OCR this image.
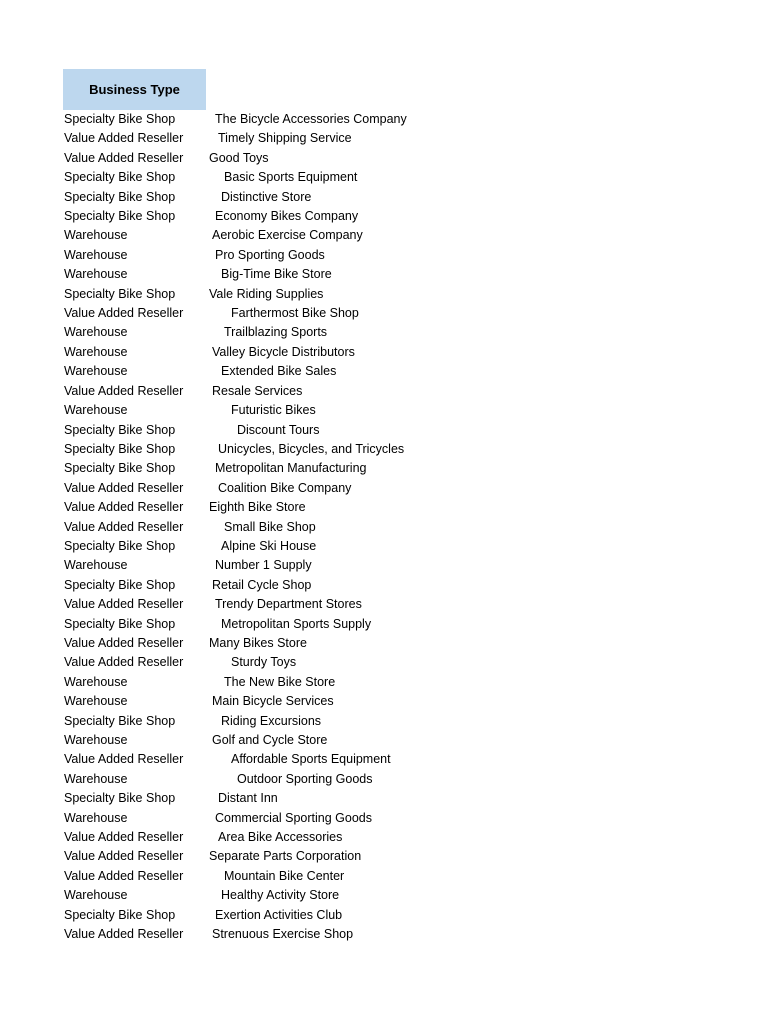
Business Type
Specialty Bike Shop	The Bicycle Accessories Company
Value Added Reseller	Timely Shipping Service
Value Added Reseller Good Toys
Specialty Bike Shop	Basic Sports Equipment
Specialty Bike Shop	Distinctive Store
Specialty Bike Shop	Economy Bikes Company
Warehouse	Aerobic Exercise Company
Warehouse	Pro Sporting Goods
Warehouse	Big-Time Bike Store
Specialty Bike Shop	Vale Riding Supplies
Value Added Reseller	Farthermost Bike Shop
Warehouse	Trailblazing Sports
Warehouse	Valley Bicycle Distributors
Warehouse	Extended Bike Sales
Value Added Reseller Resale Services
Warehouse	Futuristic Bikes
Specialty Bike Shop	Discount Tours
Specialty Bike Shop	Unicycles, Bicycles, and Tricycles
Specialty Bike Shop	Metropolitan Manufacturing
Value Added Reseller	Coalition Bike Company
Value Added Reseller Eighth Bike Store
Value Added Reseller	Small Bike Shop
Specialty Bike Shop	Alpine Ski House
Warehouse	Number 1 Supply
Specialty Bike Shop	Retail Cycle Shop
Value Added Reseller	Trendy Department Stores
Specialty Bike Shop	Metropolitan Sports Supply
Value Added Reseller Many Bikes Store
Value Added Reseller	Sturdy Toys
Warehouse	The New Bike Store
Warehouse	Main Bicycle Services
Specialty Bike Shop	Riding Excursions
Warehouse	Golf and Cycle Store
Value Added Reseller	Affordable Sports Equipment
Warehouse	Outdoor Sporting Goods
Specialty Bike Shop	Distant Inn
Warehouse	Commercial Sporting Goods
Value Added Reseller	Area Bike Accessories
Value Added Reseller Separate Parts Corporation
Value Added Reseller	Mountain Bike Center
Warehouse	Healthy Activity Store
Specialty Bike Shop	Exertion Activities Club
Value Added Reseller Strenuous Exercise Shop
